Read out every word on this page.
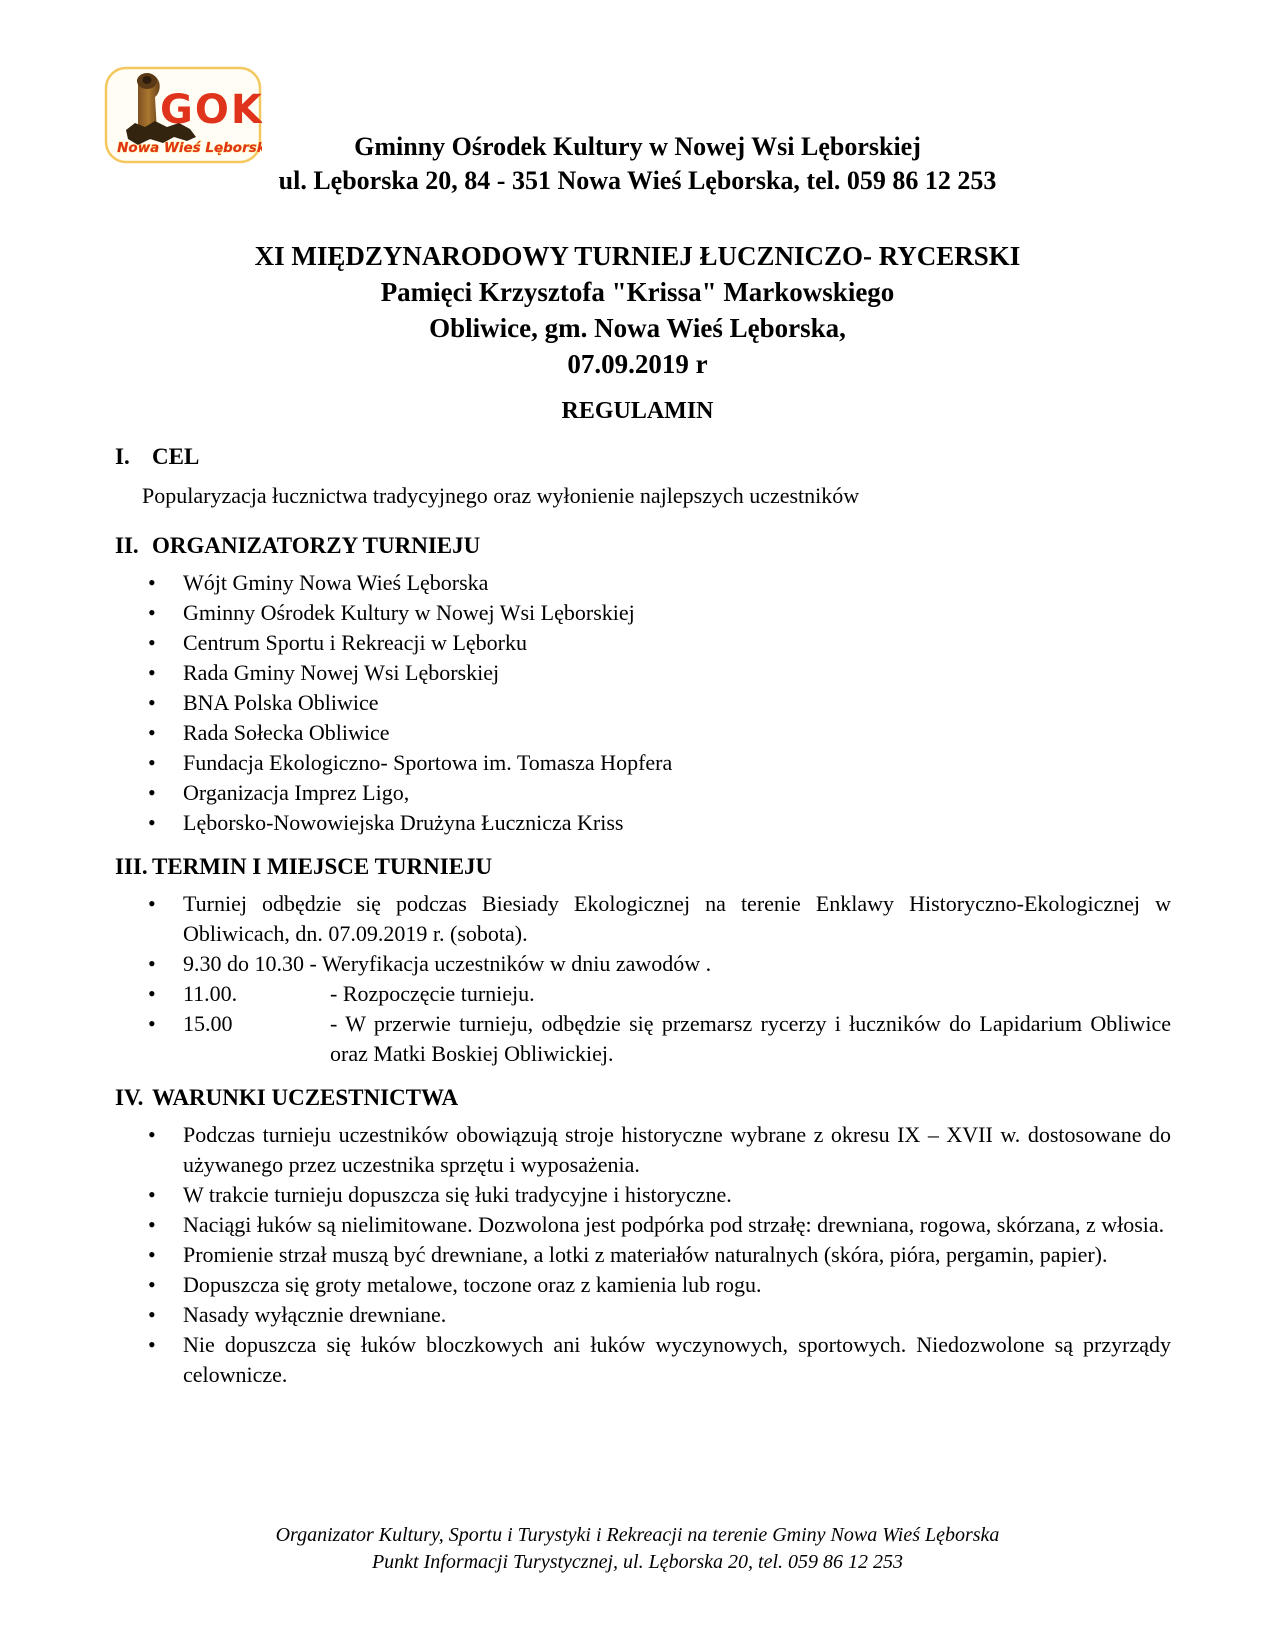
GOK
Nowa Wieś Lęborska	Gminny Ośrodek Kultury w Nowej Wsi Lęborskiej
ul. Lęborska 20, 84 - 351 Nowa Wieś Lęborska, tel. 059 86 12 253
XI MIĘDZYNARODOWY TURNIEJ ŁUCZNICZO- RYCERSKI
Pamięci Krzysztofa "Krissa" Markowskiego
Obliwice, gm. Nowa Wieś Lęborska,
07.09.2019 r
REGULAMIN
I. CEL
Popularyzacja łucznictwa tradycyjnego oraz wyłonienie najlepszych uczestników
II. ORGANIZATORZY TURNIEJU
• Wójt Gminy Nowa Wieś Lęborska
• Gminny Ośrodek Kultury w Nowej Wsi Lęborskiej
• Centrum Sportu i Rekreacji w Lęborku
• Rada Gminy Nowej Wsi Lęborskiej
• BNA Polska Obliwice
• Rada Sołecka Obliwice
• Fundacja Ekologiczno- Sportowa im. Tomasza Hopfera
• Organizacja Imprez Ligo,
• Lęborsko-Nowowiejska Drużyna Łucznicza Kriss
III. TERMIN I MIEJSCE TURNIEJU
• Turniej odbędzie się podczas Biesiady Ekologicznej na terenie Enklawy Historyczno-Ekologicznej w Obliwicach, dn. 07.09.2019 r. (sobota).
• 9.30 do 10.30 - Weryfikacja uczestników w dniu zawodów .
• 11.00.	- Rozpoczęcie turnieju.
• 15.00	- W przerwie turnieju, odbędzie się przemarsz rycerzy i łuczników do Lapidarium Obliwice oraz Matki Boskiej Obliwickiej.
IV. WARUNKI UCZESTNICTWA
• Podczas turnieju uczestników obowiązują stroje historyczne wybrane z okresu IX – XVII w. dostosowane do używanego przez uczestnika sprzętu i wyposażenia.
• W trakcie turnieju dopuszcza się łuki tradycyjne i historyczne.
• Naciągi łuków są nielimitowane. Dozwolona jest podpórka pod strzałę: drewniana, rogowa, skórzana, z włosia.
• Promienie strzał muszą być drewniane, a lotki z materiałów naturalnych (skóra, pióra, pergamin, papier).
• Dopuszcza się groty metalowe, toczone oraz z kamienia lub rogu.
• Nasady wyłącznie drewniane.
• Nie dopuszcza się łuków bloczkowych ani łuków wyczynowych, sportowych. Niedozwolone są przyrządy celownicze.
Organizator Kultury, Sportu i Turystyki i Rekreacji na terenie Gminy Nowa Wieś Lęborska
Punkt Informacji Turystycznej, ul. Lęborska 20, tel. 059 86 12 253
